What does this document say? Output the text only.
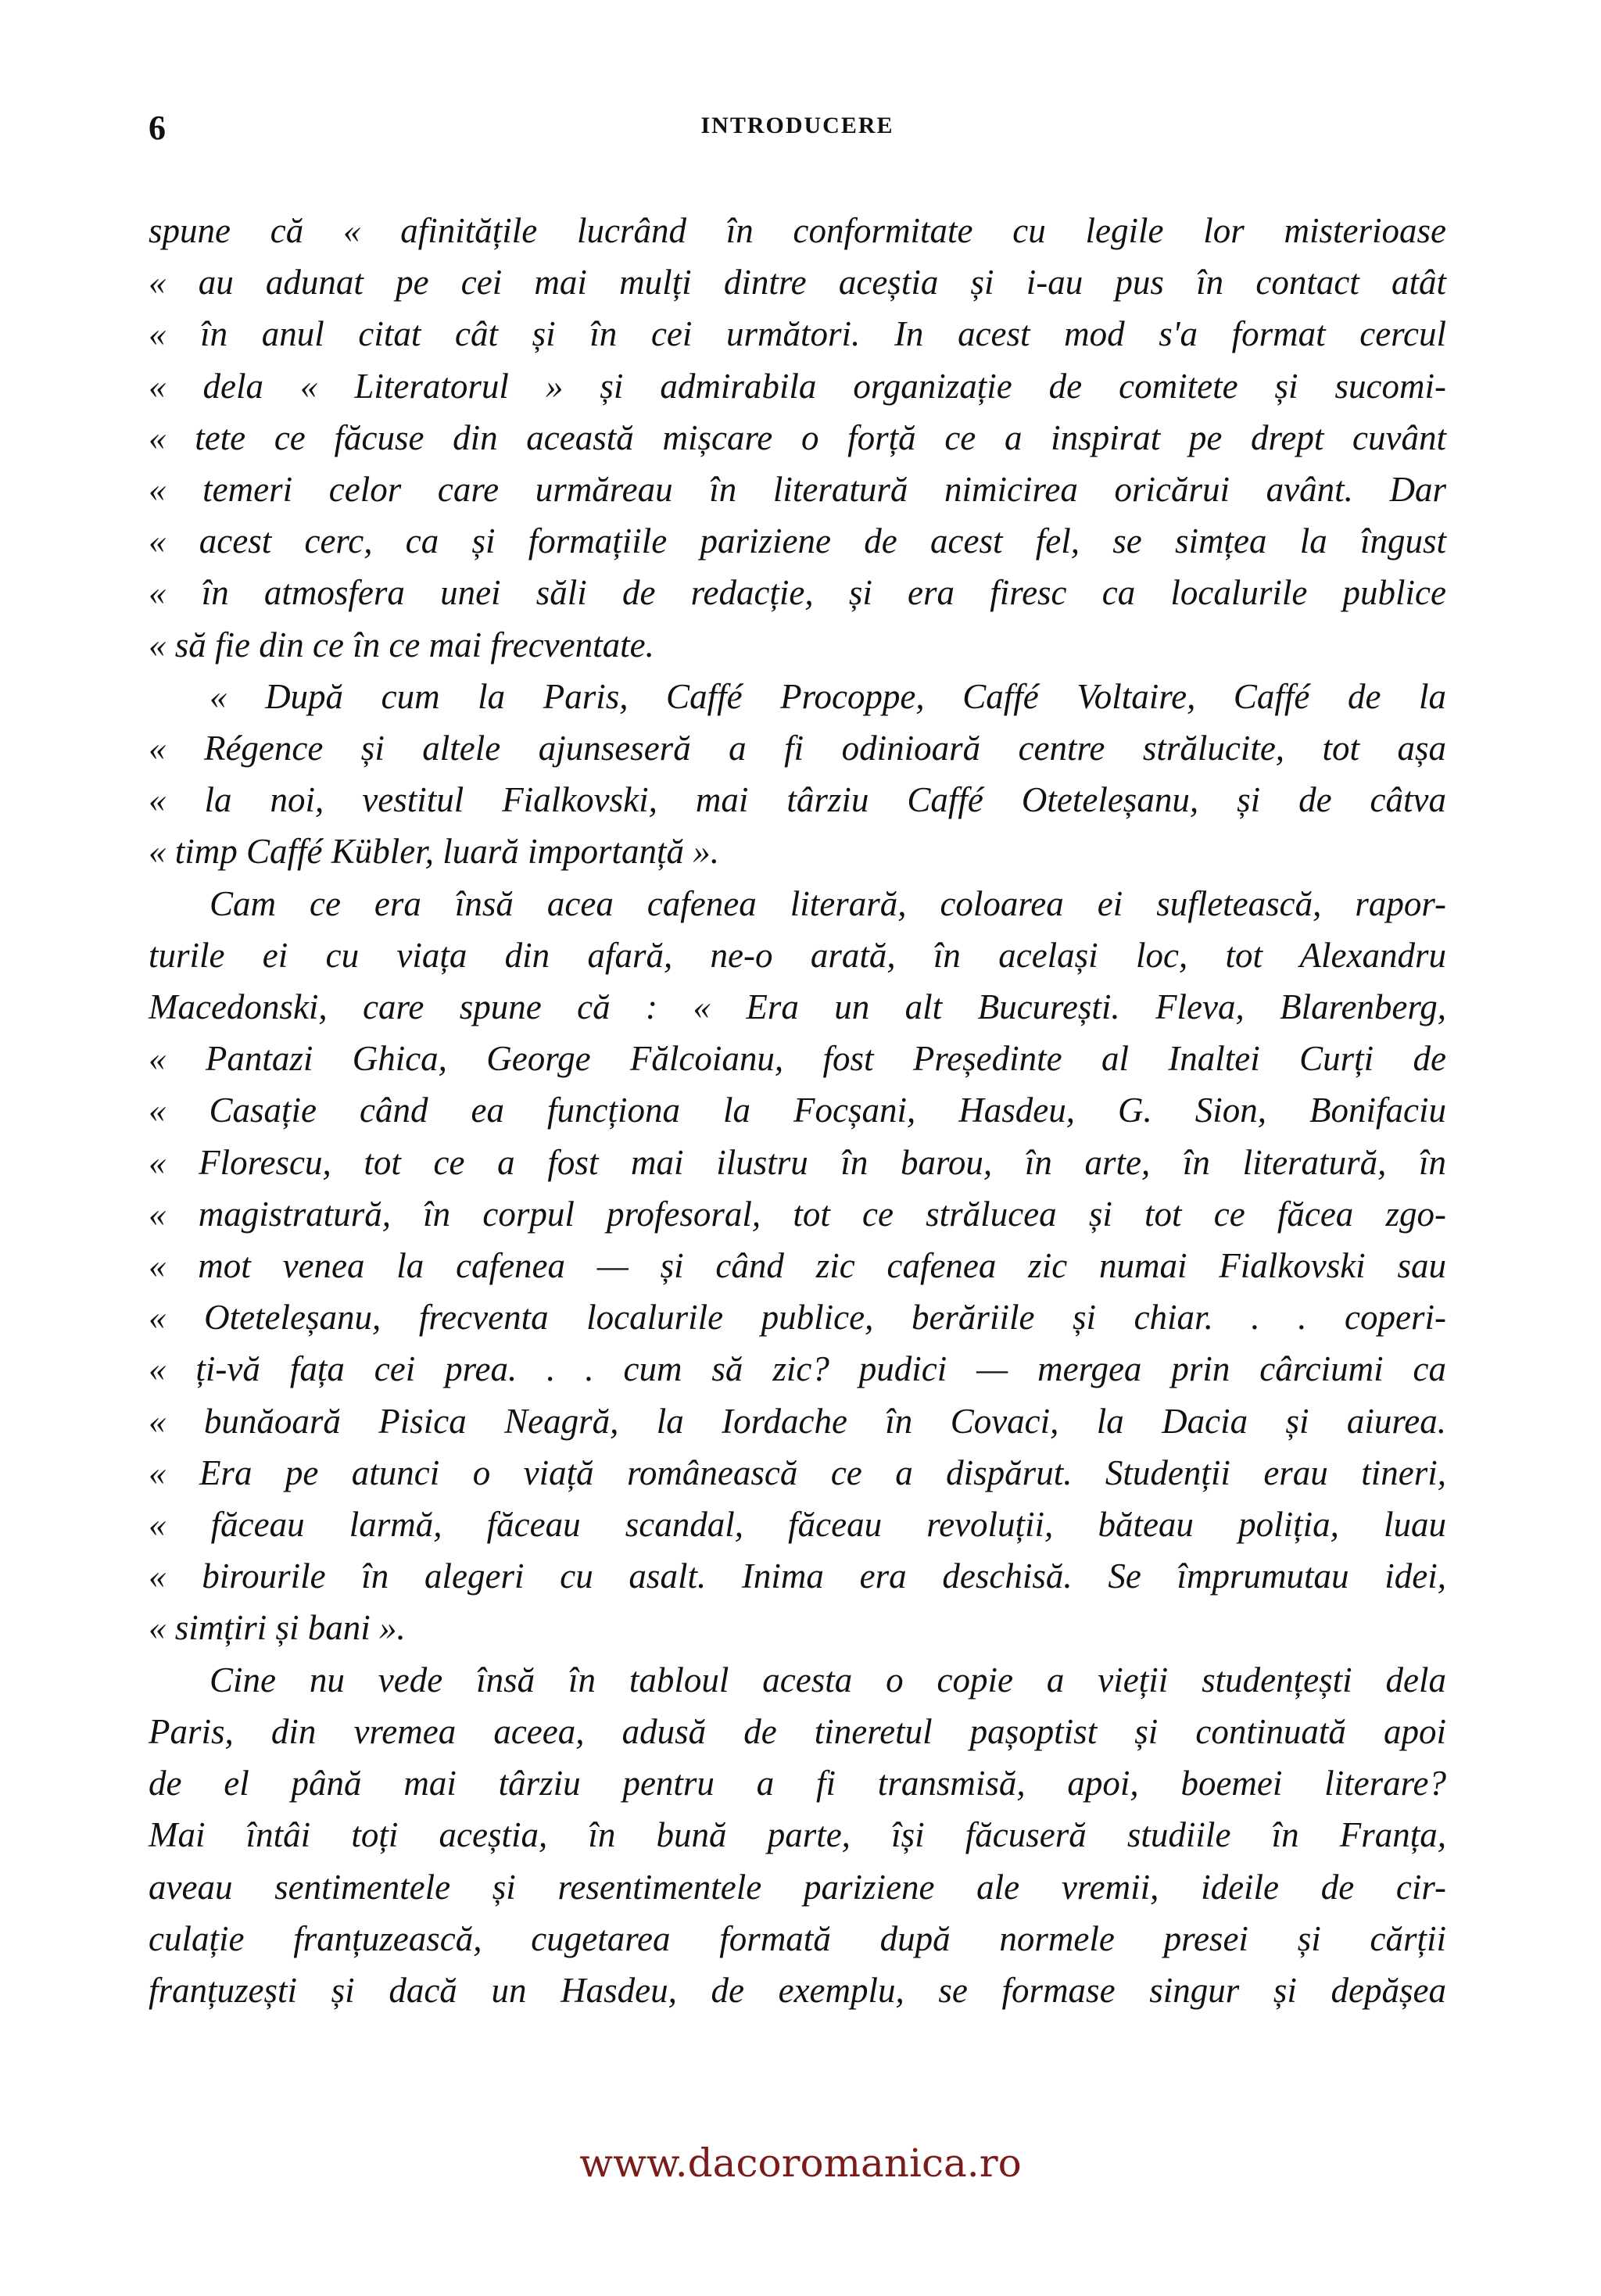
6	INTRODUCERE
spune că « afinitățile lucrând în conformitate cu legile lor misterioase
« au adunat pe cei mai mulți dintre aceștia și i-au pus în contact atât
« în anul citat cât și în cei următori. In acest mod s'a format cercul
« dela « Literatorul » și admirabila organizație de comitete și sucomi-
« tete ce făcuse din această mișcare o forță ce a inspirat pe drept cuvânt
« temeri celor care urmăreau în literatură nimicirea oricărui avânt. Dar
« acest cerc, ca și formațiile pariziene de acest fel, se simțea la îngust
« în atmosfera unei săli de redacție, și era firesc ca localurile publice
« să fie din ce în ce mai frecventate.
« După cum la Paris, Caffé Procoppe, Caffé Voltaire, Caffé de la
« Régence și altele ajunseseră a fi odinioară centre strălucite, tot așa
« la noi, vestitul Fialkovski, mai târziu Caffé Oteteleșanu, și de câtva
« timp Caffé Kübler, luară importanță ».
Cam ce era însă acea cafenea literară, coloarea ei sufletească, rapor-
turile ei cu viața din afară, ne-o arată, în același loc, tot Alexandru
Macedonski, care spune că : « Era un alt București. Fleva, Blarenberg,
« Pantazi Ghica, George Fălcoianu, fost Președinte al Inaltei Curți de
« Casație când ea funcționa la Focșani, Hasdeu, G. Sion, Bonifaciu
« Florescu, tot ce a fost mai ilustru în barou, în arte, în literatură, în
« magistratură, în corpul profesoral, tot ce strălucea și tot ce făcea zgo-
« mot venea la cafenea — și când zic cafenea zic numai Fialkovski sau
« Oteteleșanu, frecventa localurile publice, berăriile și chiar. . . coperi-
« ți-vă fața cei prea. . . cum să zic? pudici — mergea prin cârciumi ca
« bunăoară Pisica Neagră, la Iordache în Covaci, la Dacia și aiurea.
« Era pe atunci o viață românească ce a dispărut. Studenții erau tineri,
« făceau larmă, făceau scandal, făceau revoluții, băteau poliția, luau
« birourile în alegeri cu asalt. Inima era deschisă. Se împrumutau idei,
« simțiri și bani ».
Cine nu vede însă în tabloul acesta o copie a vieții studențești dela
Paris, din vremea aceea, adusă de tineretul pașoptist și continuată apoi
de el până mai târziu pentru a fi transmisă, apoi, boemei literare?
Mai întâi toți aceștia, în bună parte, își făcuseră studiile în Franța,
aveau sentimentele și resentimentele pariziene ale vremii, ideile de cir-
culație franțuzească, cugetarea formată după normele presei și cărții
franțuzești și dacă un Hasdeu, de exemplu, se formase singur și depășea
www.dacoromanica.ro
